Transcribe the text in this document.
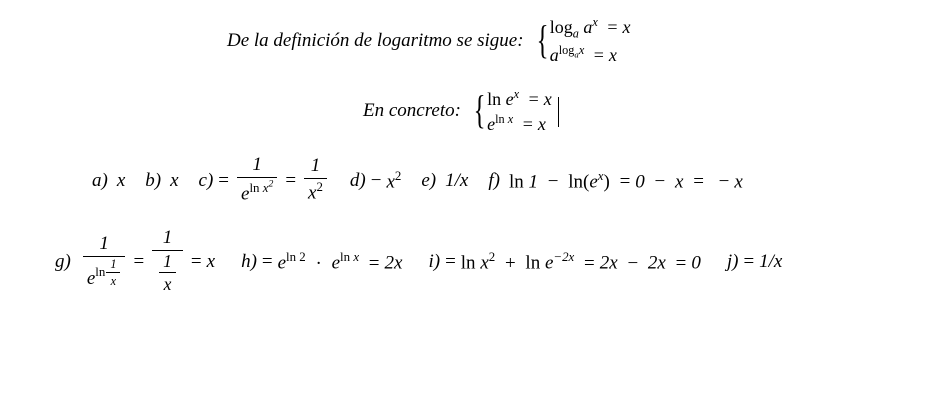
De la definición de logaritmo se sigue: { $\log_a a^x = x$
$a^{log_ax} = x$
En concreto: { $\ln e^x = x$
$e^{ln x} = x$
a) x b) x $c) = \frac{1}{e^{ln x^2}} = \frac{1}{x^2} d) - x^2$ e) 1/x f) $\ln 1 - \ln(e^x) = 0 - x$ = − x
g) 1
$e^{ln \frac{1}{x}} = \frac{1}{\frac{1}{x}} = x$ $h) = e^{ln 2} \cdot e^{ln x} = 2x$ $i) = \ln x^2 + \ln e^{-2x} = 2x - 2x = 0$ j) = 1/x
